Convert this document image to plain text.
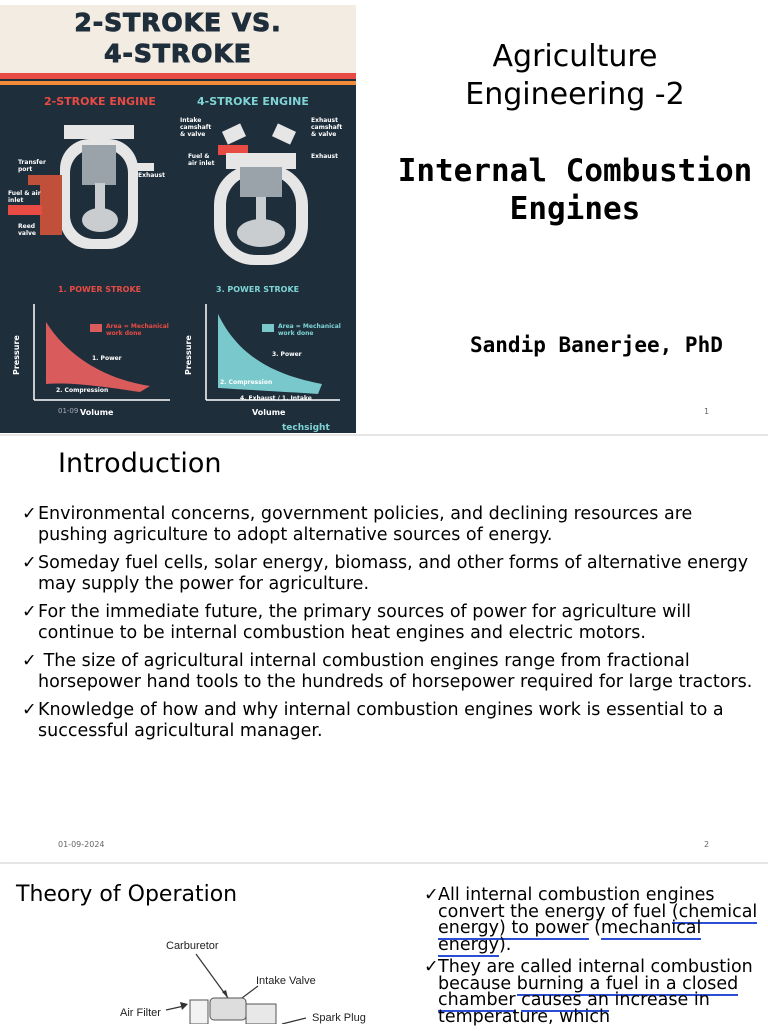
2-STROKE VS.
4-STROKE
2-STROKE ENGINE	4-STROKE ENGINE
Transfer port
Fuel & air inlet
Reed valve
Exhaust
Intake camshaft & valve
Fuel & air inlet
Exhaust camshaft & valve
Exhaust
1. POWER STROKE	3. POWER STROKE
Pressure	Pressure
Area = Mechanical work done
Area = Mechanical work done
1. Power
2. Compression
3. Power
2. Compression
4. Exhaust / 1. Intake
Volume	Volume
01-09
techsight
Agriculture
Engineering -2
Internal Combustion
Engines
Sandip Banerjee, PhD
1
Introduction
✓Environmental concerns, government policies, and declining resources are pushing agriculture to adopt alternative sources of energy.
✓Someday fuel cells, solar energy, biomass, and other forms of alternative energy may supply the power for agriculture.
✓For the immediate future, the primary sources of power for agriculture will continue to be internal combustion heat engines and electric motors.
✓ The size of agricultural internal combustion engines range from fractional horsepower hand tools to the hundreds of horsepower required for large tractors.
✓Knowledge of how and why internal combustion engines work is essential to a successful agricultural manager.
01-09-2024	2
Theory of Operation
Carburetor
Intake Valve
Air Filter	Spark Plug
✓All internal combustion engines convert the energy of fuel (chemical energy) to power (mechanical energy).
✓They are called internal combustion because burning a fuel in a closed chamber causes an increase in temperature, which
